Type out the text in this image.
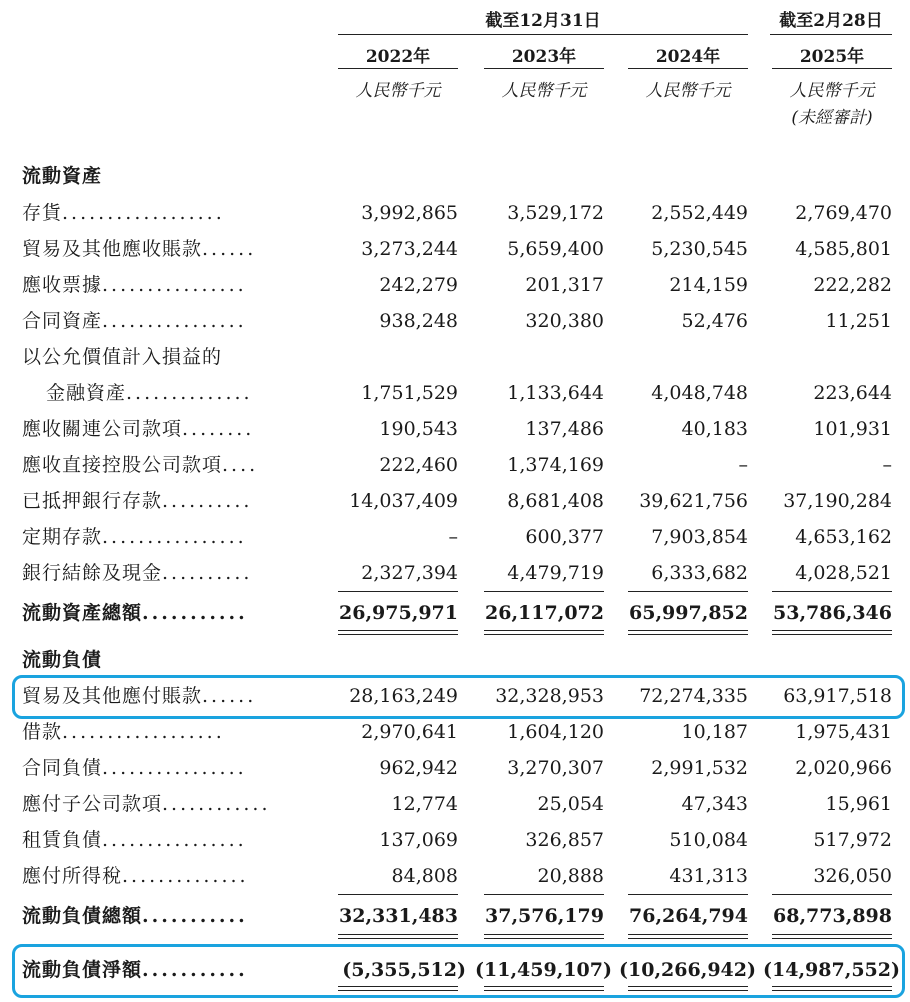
截至12月31日	截至2月28日
2022年	2023年	2024年	2025年
人民幣千元	人民幣千元	人民幣千元	人民幣千元
(未經審計)
流動資產
存貨..................	3,992,865	3,529,172 2,552,449 2,769,470
貿易及其他應收賬款......	3,273,244	5,659,400 5,230,545 4,585,801
應收票據................	242,279	201,317	214,159	222,282
合同資產................	938,248	320,380	52,476	11,251
以公允價值計入損益的
金融資產..............	1,751,529	1,133,644 4,048,748	223,644
應收關連公司款項........	190,543	137,486	40,183	101,931
應收直接控股公司款項....	222,460	1,374,169	–	–
已抵押銀行存款..........	14,037,409	8,681,408 39,621,756 37,190,284
定期存款................	–	600,377 7,903,854 4,653,162
銀行結餘及現金..........	2,327,394	4,479,719 6,333,682 4,028,521
流動資產總額...........	26,975,971 26,117,072 65,997,852 53,786,346
流動負債
貿易及其他應付賬款......	28,163,249 32,328,953 72,274,335 63,917,518
借款..................	2,970,641	1,604,120	10,187 1,975,431
合同負債................	962,942	3,270,307 2,991,532 2,020,966
應付子公司款項............	12,774	25,054	47,343	15,961
租賃負債................	137,069	326,857	510,084	517,972
應付所得稅..............	84,808	20,888	431,313	326,050
流動負債總額...........	32,331,483 37,576,179 76,264,794 68,773,898
流動負債淨額...........	(5,355,512) (11,459,107) (10,266,942) (14,987,552)
